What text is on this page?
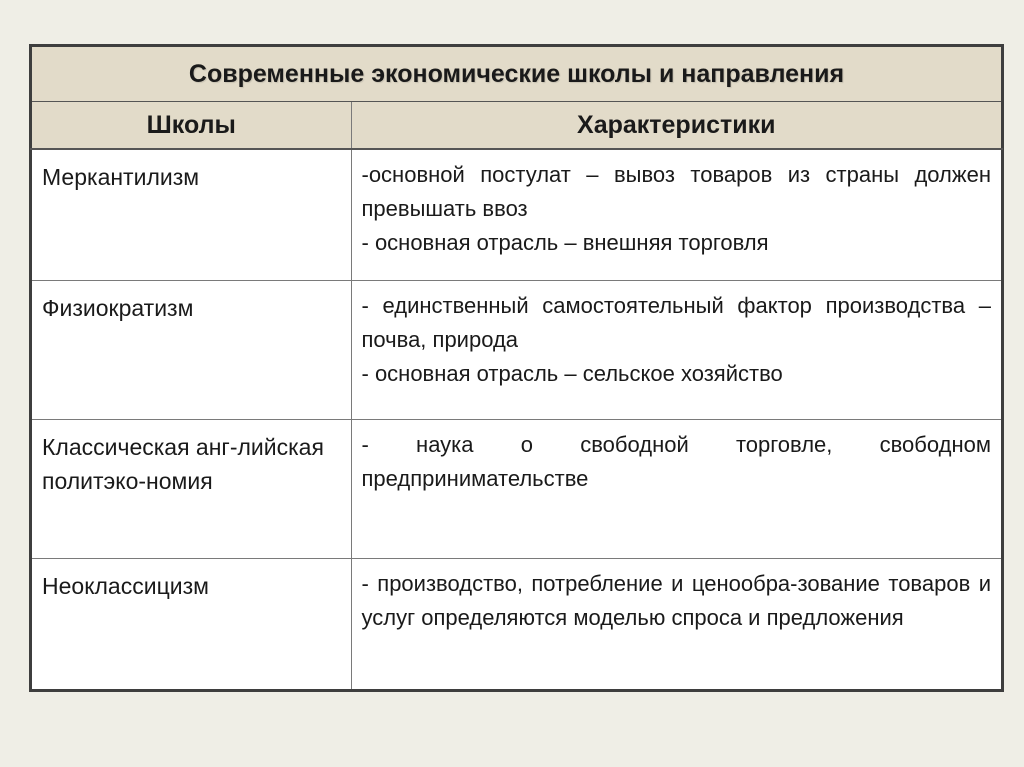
Современные экономические школы и направления	
Школы	Характеристики
Меркантилизм	-основной постулат – вывоз товаров из страны должен превышать ввоз
- основная отрасль – внешняя торговля

Физиократизм	- единственный самостоятельный фактор производства – почва, природа
- основная отрасль – сельское хозяйство

Классическая анг-лийская политэко-номия	- наука о свободной торговле, свободном предпринимательстве

Неоклассицизм	- производство, потребление и ценообра-зование товаров и услуг определяются моделью спроса и предложения
